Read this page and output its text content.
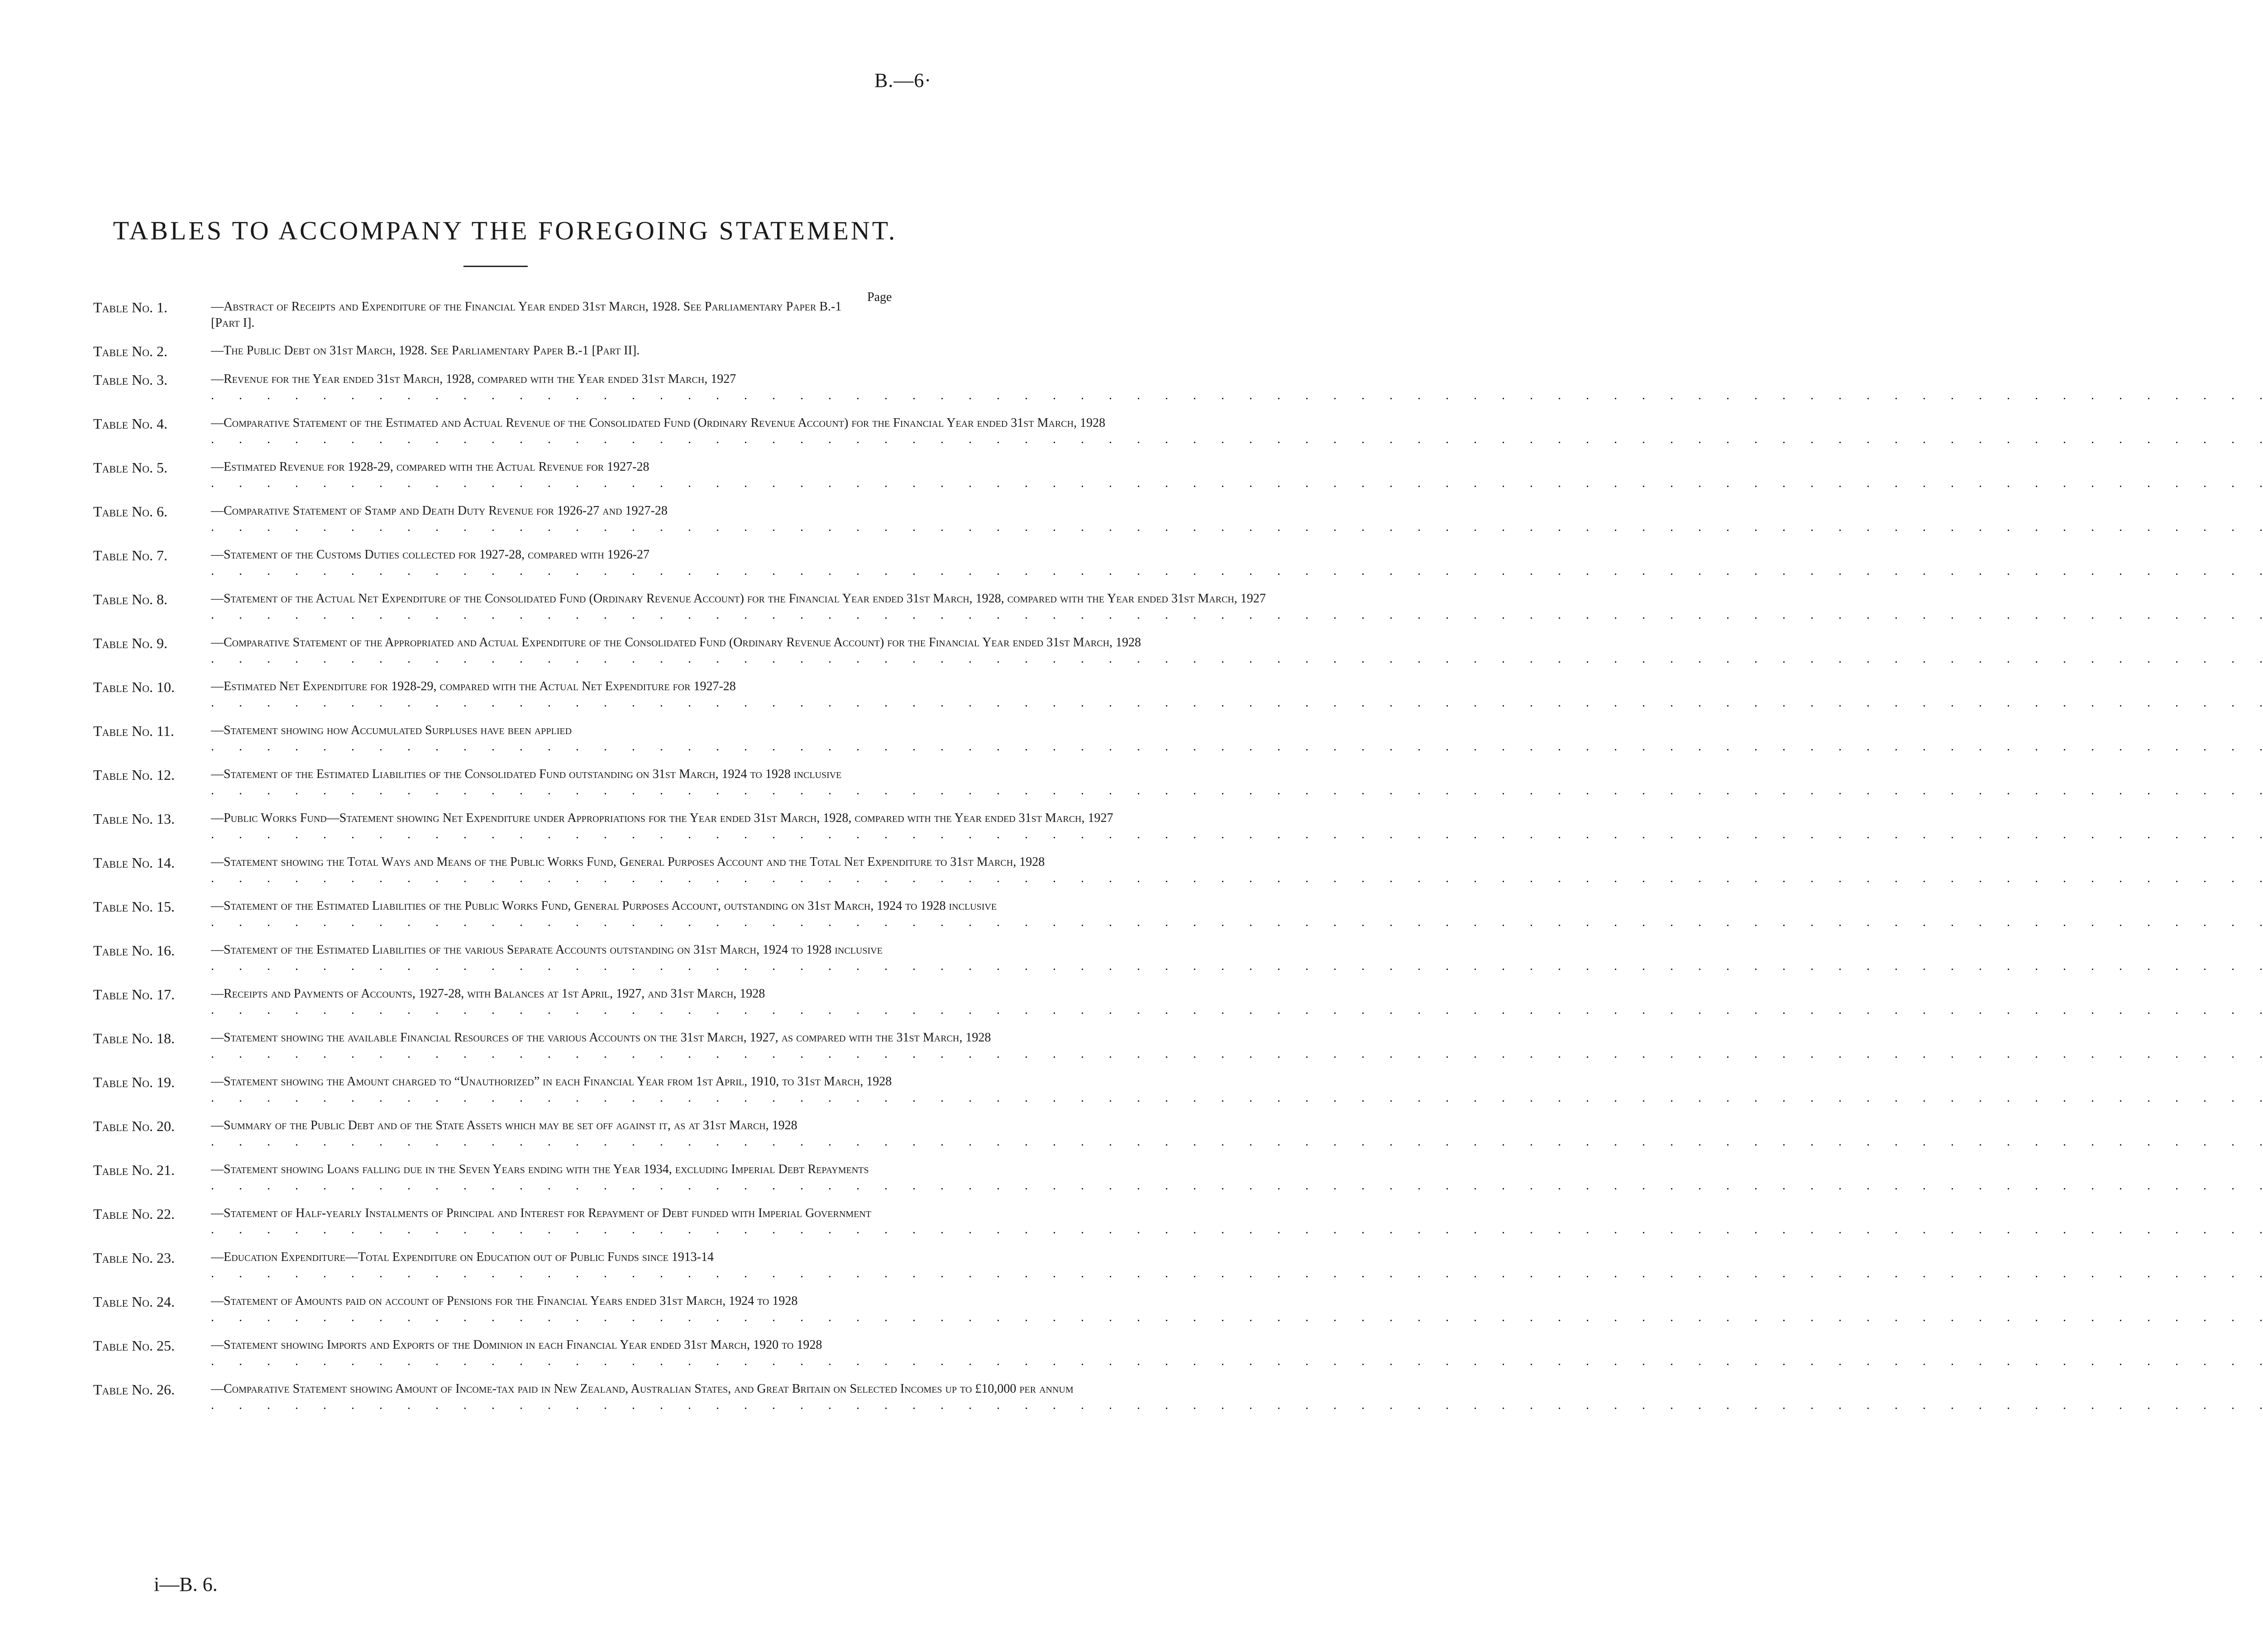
B.—6·
TABLES TO ACCOMPANY THE FOREGOING STATEMENT.
Page
Table No. 1.	—Abstract of Receipts and Expenditure of the Financial Year ended 31st March, 1928. See Parliamentary Paper B.-1 [Part I].
Table No. 2.	—The Public Debt on 31st March, 1928. See Parliamentary Paper B.-1 [Part II].
Table No. 3.	—Revenue for the Year ended 31st March, 1928, compared with the Year ended 31st March, 1927
. . .
Table No. 4.	—Comparative Statement of the Estimated and Actual Revenue of the Consolidated Fund (Ordinary Revenue Account) for the Financial Year ended 31st March, 1928
. . .
Table No. 5.	—Estimated Revenue for 1928-29, compared with the Actual Revenue for 1927-28
. . .
Table No. 6.	—Comparative Statement of Stamp and Death Duty Revenue for 1926-27 and 1927-28
. . .
Table No. 7.	—Statement of the Customs Duties collected for 1927-28, compared with 1926-27
. . .
Table No. 8.	—Statement of the Actual Net Expenditure of the Consolidated Fund (Ordinary Revenue Account) for the Financial Year ended 31st March, 1928, compared with the Year ended 31st March, 1927
. . .
Table No. 9.	—Comparative Statement of the Appropriated and Actual Expenditure of the Consolidated Fund (Ordinary Revenue Account) for the Financial Year ended 31st March, 1928
. . .
Table No. 10.	—Estimated Net Expenditure for 1928-29, compared with the Actual Net Expenditure for 1927-28
. . .
Table No. 11.	—Statement showing how Accumulated Surpluses have been applied
. . .
Table No. 12.	—Statement of the Estimated Liabilities of the Consolidated Fund outstanding on 31st March, 1924 to 1928 inclusive
. . .
Table No. 13.	—Public Works Fund—Statement showing Net Expenditure under Appropriations for the Year ended 31st March, 1928, compared with the Year ended 31st March, 1927
. . .
Table No. 14.	—Statement showing the Total Ways and Means of the Public Works Fund, General Purposes Account and the Total Net Expenditure to 31st March, 1928
. . .
Table No. 15.	—Statement of the Estimated Liabilities of the Public Works Fund, General Purposes Account, outstanding on 31st March, 1924 to 1928 inclusive
. . .
Table No. 16.	—Statement of the Estimated Liabilities of the various Separate Accounts outstanding on 31st March, 1924 to 1928 inclusive
. . .
Table No. 17.	—Receipts and Payments of Accounts, 1927-28, with Balances at 1st April, 1927, and 31st March, 1928
. . .
Table No. 18.	—Statement showing the available Financial Resources of the various Accounts on the 31st March, 1927, as compared with the 31st March, 1928
. . .
Table No. 19.	—Statement showing the Amount charged to “Unauthorized” in each Financial Year from 1st April, 1910, to 31st March, 1928
. . .
Table No. 20.	—Summary of the Public Debt and of the State Assets which may be set off against it, as at 31st March, 1928
. . .
Table No. 21.	—Statement showing Loans falling due in the Seven Years ending with the Year 1934, excluding Imperial Debt Repayments
. . .
Table No. 22.	—Statement of Half-yearly Instalments of Principal and Interest for Repayment of Debt funded with Imperial Government
. . .
Table No. 23.	—Education Expenditure—Total Expenditure on Education out of Public Funds since 1913-14
. . .
Table No. 24.	—Statement of Amounts paid on account of Pensions for the Financial Years ended 31st March, 1924 to 1928
. . .
Table No. 25.	—Statement showing Imports and Exports of the Dominion in each Financial Year ended 31st March, 1920 to 1928
. . .
Table No. 26.	—Comparative Statement showing Amount of Income-tax paid in New Zealand, Australian States, and Great Britain on Selected Incomes up to £10,000 per annum
. . .
i—B. 6.
